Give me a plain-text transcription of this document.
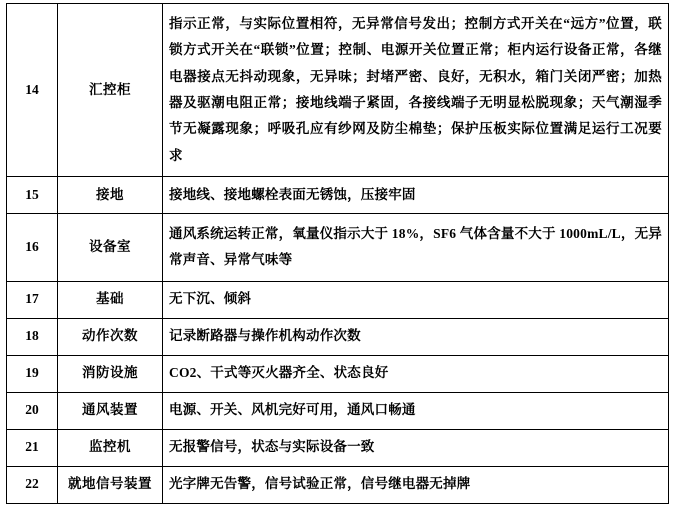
14	汇控柜	指示正常，与实际位置相符，无异常信号发出；控制方式开关在“远方”位置，联锁方式开关在“联锁”位置；控制、电源开关位置正常；柜内运行设备正常，各继电器接点无抖动现象，无异味；封堵严密、良好，无积水，箱门关闭严密；加热器及驱潮电阻正常；接地线端子紧固，各接线端子无明显松脱现象；天气潮湿季节无凝露现象；呼吸孔应有纱网及防尘棉垫；保护压板实际位置满足运行工况要求
15	接地	接地线、接地螺栓表面无锈蚀，压接牢固
16	设备室	通风系统运转正常，氧量仪指示大于 18%，SF6 气体含量不大于 1000mL/L，无异常声音、异常气味等
17	基础	无下沉、倾斜
18	动作次数	记录断路器与操作机构动作次数
19	消防设施	CO2、干式等灭火器齐全、状态良好
20	通风装置	电源、开关、风机完好可用，通风口畅通
21	监控机	无报警信号，状态与实际设备一致
22	就地信号装置	光字牌无告警，信号试验正常，信号继电器无掉牌
